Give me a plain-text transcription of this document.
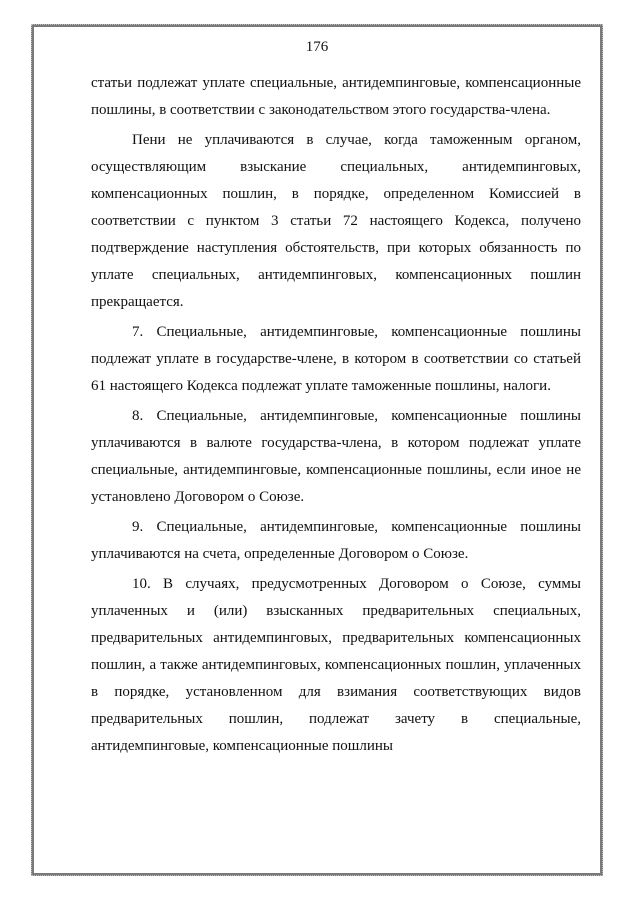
176

статьи подлежат уплате специальные, антидемпинговые, компенсационные пошлины, в соответствии с законодательством этого государства-члена.

Пени не уплачиваются в случае, когда таможенным органом, осуществляющим взыскание специальных, антидемпинговых, компенсационных пошлин, в порядке, определенном Комиссией в соответствии с пунктом 3 статьи 72 настоящего Кодекса, получено подтверждение наступления обстоятельств, при которых обязанность по уплате специальных, антидемпинговых, компенсационных пошлин прекращается.

7. Специальные, антидемпинговые, компенсационные пошлины подлежат уплате в государстве-члене, в котором в соответствии со статьей 61 настоящего Кодекса подлежат уплате таможенные пошлины, налоги.

8. Специальные, антидемпинговые, компенсационные пошлины уплачиваются в валюте государства-члена, в котором подлежат уплате специальные, антидемпинговые, компенсационные пошлины, если иное не установлено Договором о Союзе.

9. Специальные, антидемпинговые, компенсационные пошлины уплачиваются на счета, определенные Договором о Союзе.

10. В случаях, предусмотренных Договором о Союзе, суммы уплаченных и (или) взысканных предварительных специальных, предварительных антидемпинговых, предварительных компенсационных пошлин, а также антидемпинговых, компенсационных пошлин, уплаченных в порядке, установленном для взимания соответствующих видов предварительных пошлин, подлежат зачету в специальные, антидемпинговые, компенсационные пошлины
